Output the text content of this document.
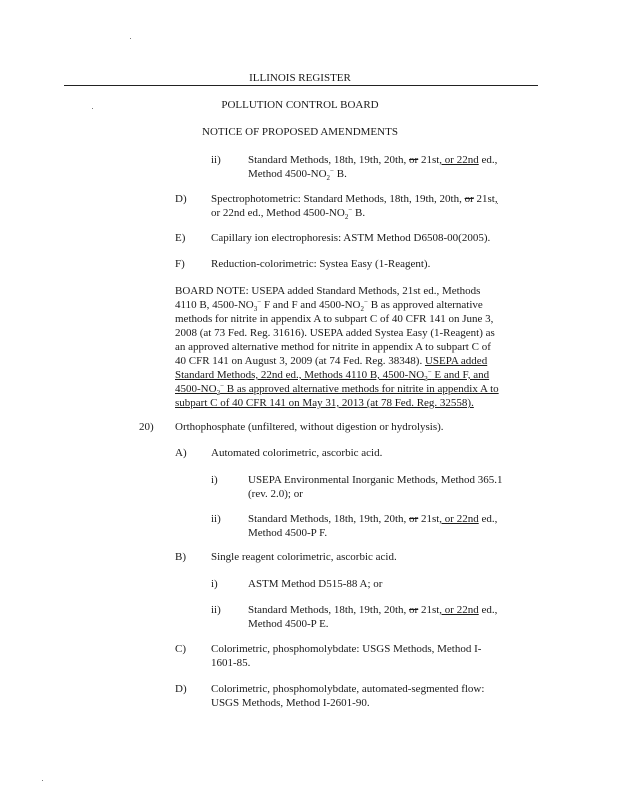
ILLINOIS REGISTER
POLLUTION CONTROL BOARD
NOTICE OF PROPOSED AMENDMENTS
ii) Standard Methods, 18th, 19th, 20th, or 21st, or 22nd ed.,
Method $4500-NO_2^-$ B.
D) Spectrophotometric: Standard Methods, 18th, 19th, 20th, or 21st,
or 22nd ed., Method $4500-NO_2^-$ B.
E) Capillary ion electrophoresis: ASTM Method D6508-00(2005).
F) Reduction-colorimetric: Systea Easy (1-Reagent).
BOARD NOTE: USEPA added Standard Methods, 21st ed., Methods
4110 B, $4500-NO_3^-$ F and F and $4500-NO_2^-$ B as approved alternative
methods for nitrite in appendix A to subpart C of 40 CFR 141 on June 3,
2008 (at 73 Fed. Reg. 31616). USEPA added Systea Easy (1-Reagent) as
an approved alternative method for nitrite in appendix A to subpart C of
40 CFR 141 on August 3, 2009 (at 74 Fed. Reg. 38348). USEPA added
Standard Methods, 22nd ed., Methods 4110 B, $4500-NO_3^-$ E and F, and
$4500-NO_2^-$ B as approved alternative methods for nitrite in appendix A to
subpart C of 40 CFR 141 on May 31, 2013 (at 78 Fed. Reg. 32558).
20) Orthophosphate (unfiltered, without digestion or hydrolysis).
A) Automated colorimetric, ascorbic acid.
i)	USEPA Environmental Inorganic Methods, Method 365.1
(rev. 2.0); or
ii) Standard Methods, 18th, 19th, 20th, or 21st, or 22nd ed.,
Method 4500-P F.
B) Single reagent colorimetric, ascorbic acid.
i)	ASTM Method D515-88 A; or
ii) Standard Methods, 18th, 19th, 20th, or 21st, or 22nd ed.,
Method 4500-P E.
C) Colorimetric, phosphomolybdate: USGS Methods, Method I-
1601-85.
D) Colorimetric, phosphomolybdate, automated-segmented flow:
USGS Methods, Method I-2601-90.
